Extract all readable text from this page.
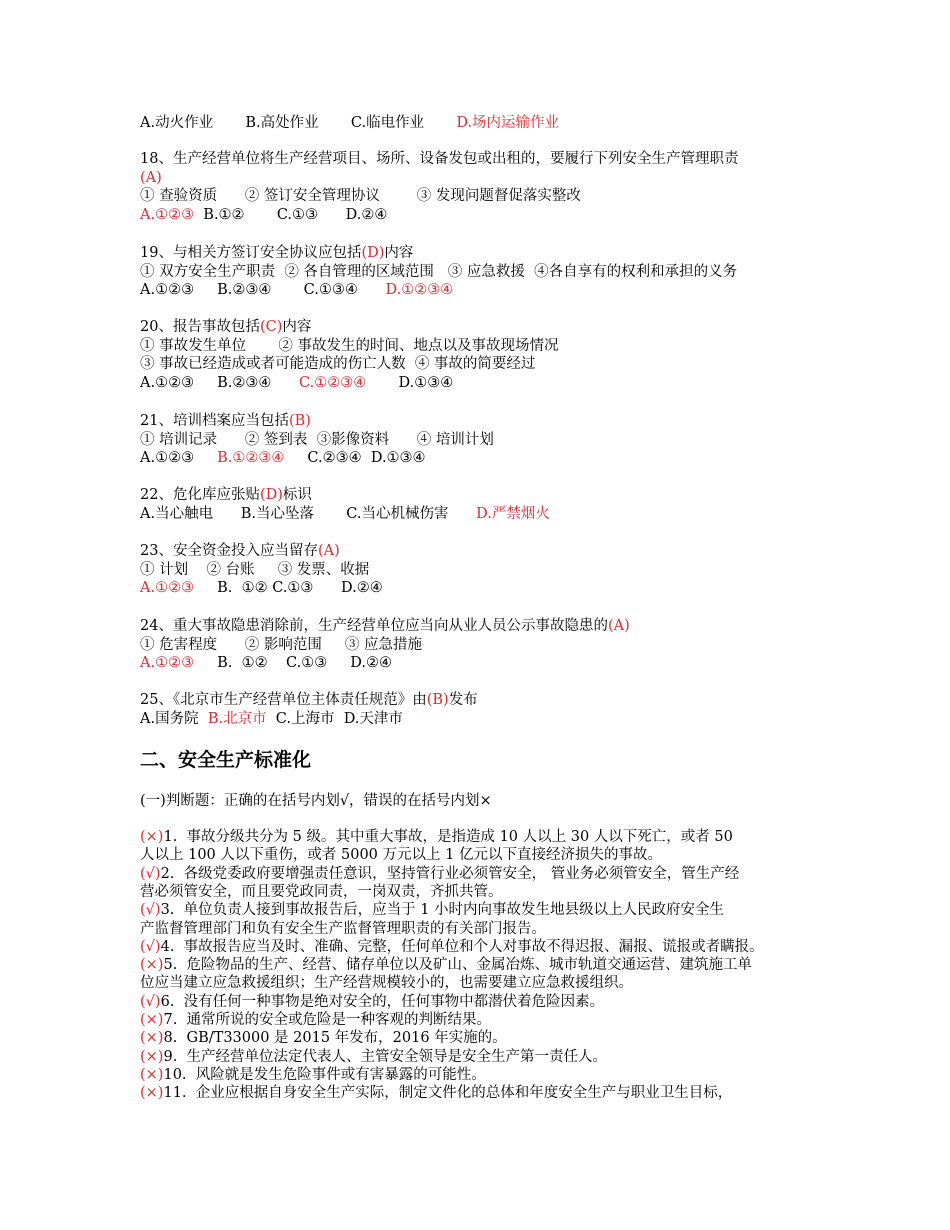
A.动火作业       B.高处作业       C.临电作业       D.场内运输作业
18、生产经营单位将生产经营项目、场所、设备发包或出租的，要履行下列安全生产管理职责
(A)
① 查验资质      ② 签订安全管理协议        ③ 发现问题督促落实整改
A.①②③  B.①②       C.①③      D.②④
19、与相关方签订安全协议应包括(D)内容
① 双方安全生产职责  ② 各自管理的区域范围   ③ 应急救援  ④各自享有的权利和承担的义务
A.①②③     B.②③④       C.①③④      D.①②③④
20、报告事故包括(C)内容
① 事故发生单位       ② 事故发生的时间、地点以及事故现场情况
③ 事故已经造成或者可能造成的伤亡人数  ④ 事故的简要经过
A.①②③     B.②③④      C.①②③④       D.①③④
21、培训档案应当包括(B)
① 培训记录      ② 签到表  ③影像资料      ④ 培训计划
A.①②③     B.①②③④     C.②③④  D.①③④
22、危化库应张贴(D)标识
A.当心触电      B.当心坠落       C.当心机械伤害      D.严禁烟火
23、安全资金投入应当留存(A)
① 计划    ② 台账     ③ 发票、收据
A.①②③     B.  ①② C.①③      D.②④
24、重大事故隐患消除前，生产经营单位应当向从业人员公示事故隐患的(A)
① 危害程度      ② 影响范围     ③ 应急措施
A.①②③     B.  ①②    C.①③     D.②④
25、《北京市生产经营单位主体责任规范》由(B)发布
A.国务院  B.北京市  C.上海市  D.天津市
二、安全生产标准化
(一)判断题：正确的在括号内划√，错误的在括号内划×
(×)1.  事故分级共分为 5 级。其中重大事故，是指造成 10 人以上 30 人以下死亡，或者 50
人以上 100 人以下重伤，或者 5000 万元以上 1 亿元以下直接经济损失的事故。
(√)2.  各级党委政府要增强责任意识，坚持管行业必须管安全， 管业务必须管安全，管生产经
营必须管安全，而且要党政同责，一岗双责，齐抓共管。
(√)3.  单位负责人接到事故报告后，应当于 1 小时内向事故发生地县级以上人民政府安全生
产监督管理部门和负有安全生产监督管理职责的有关部门报告。
(√)4.  事故报告应当及时、准确、完整，任何单位和个人对事故不得迟报、漏报、谎报或者瞒报。
(×)5.  危险物品的生产、经营、储存单位以及矿山、金属冶炼、城市轨道交通运营、建筑施工单
位应当建立应急救援组织；生产经营规模较小的，也需要建立应急救援组织。
(√)6.  没有任何一种事物是绝对安全的，任何事物中都潜伏着危险因素。
(×)7.  通常所说的安全或危险是一种客观的判断结果。
(×)8.  GB/T33000 是 2015 年发布，2016 年实施的。
(×)9.  生产经营单位法定代表人、主管安全领导是安全生产第一责任人。
(×)10.  风险就是发生危险事件或有害暴露的可能性。
(×)11.  企业应根据自身安全生产实际，制定文件化的总体和年度安全生产与职业卫生目标，
